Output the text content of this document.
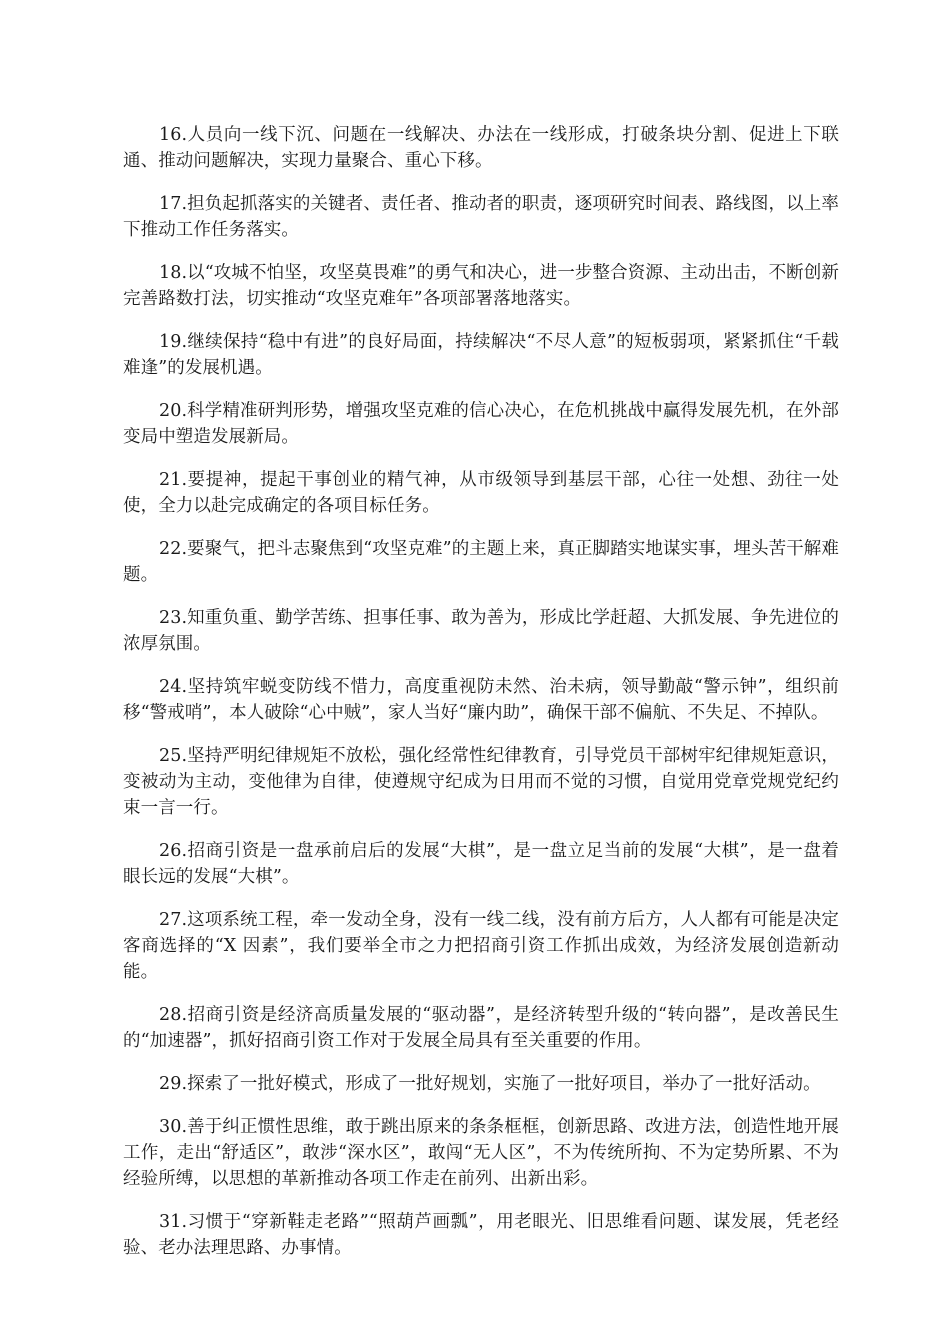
16.人员向一线下沉、问题在一线解决、办法在一线形成，打破条块分割、促进上下联通、推动问题解决，实现力量聚合、重心下移。

17.担负起抓落实的关键者、责任者、推动者的职责，逐项研究时间表、路线图，以上率下推动工作任务落实。

18.以“攻城不怕坚，攻坚莫畏难”的勇气和决心，进一步整合资源、主动出击，不断创新完善路数打法，切实推动“攻坚克难年”各项部署落地落实。

19.继续保持“稳中有进”的良好局面，持续解决“不尽人意”的短板弱项，紧紧抓住“千载难逢”的发展机遇。

20.科学精准研判形势，增强攻坚克难的信心决心，在危机挑战中赢得发展先机，在外部变局中塑造发展新局。

21.要提神，提起干事创业的精气神，从市级领导到基层干部，心往一处想、劲往一处使，全力以赴完成确定的各项目标任务。

22.要聚气，把斗志聚焦到“攻坚克难”的主题上来，真正脚踏实地谋实事，埋头苦干解难题。

23.知重负重、勤学苦练、担事任事、敢为善为，形成比学赶超、大抓发展、争先进位的浓厚氛围。

24.坚持筑牢蜕变防线不惜力，高度重视防未然、治未病，领导勤敲“警示钟”，组织前移“警戒哨”，本人破除“心中贼”，家人当好“廉内助”，确保干部不偏航、不失足、不掉队。

25.坚持严明纪律规矩不放松，强化经常性纪律教育，引导党员干部树牢纪律规矩意识，变被动为主动，变他律为自律，使遵规守纪成为日用而不觉的习惯，自觉用党章党规党纪约束一言一行。

26.招商引资是一盘承前启后的发展“大棋”，是一盘立足当前的发展“大棋”，是一盘着眼长远的发展“大棋”。

27.这项系统工程，牵一发动全身，没有一线二线，没有前方后方，人人都有可能是决定客商选择的“X 因素”，我们要举全市之力把招商引资工作抓出成效，为经济发展创造新动能。

28.招商引资是经济高质量发展的“驱动器”，是经济转型升级的“转向器”，是改善民生的“加速器”，抓好招商引资工作对于发展全局具有至关重要的作用。

29.探索了一批好模式，形成了一批好规划，实施了一批好项目，举办了一批好活动。

30.善于纠正惯性思维，敢于跳出原来的条条框框，创新思路、改进方法，创造性地开展工作，走出“舒适区”，敢涉“深水区”，敢闯“无人区”，不为传统所拘、不为定势所累、不为经验所缚，以思想的革新推动各项工作走在前列、出新出彩。

31.习惯于“穿新鞋走老路”“照葫芦画瓢”，用老眼光、旧思维看问题、谋发展，凭老经验、老办法理思路、办事情。
